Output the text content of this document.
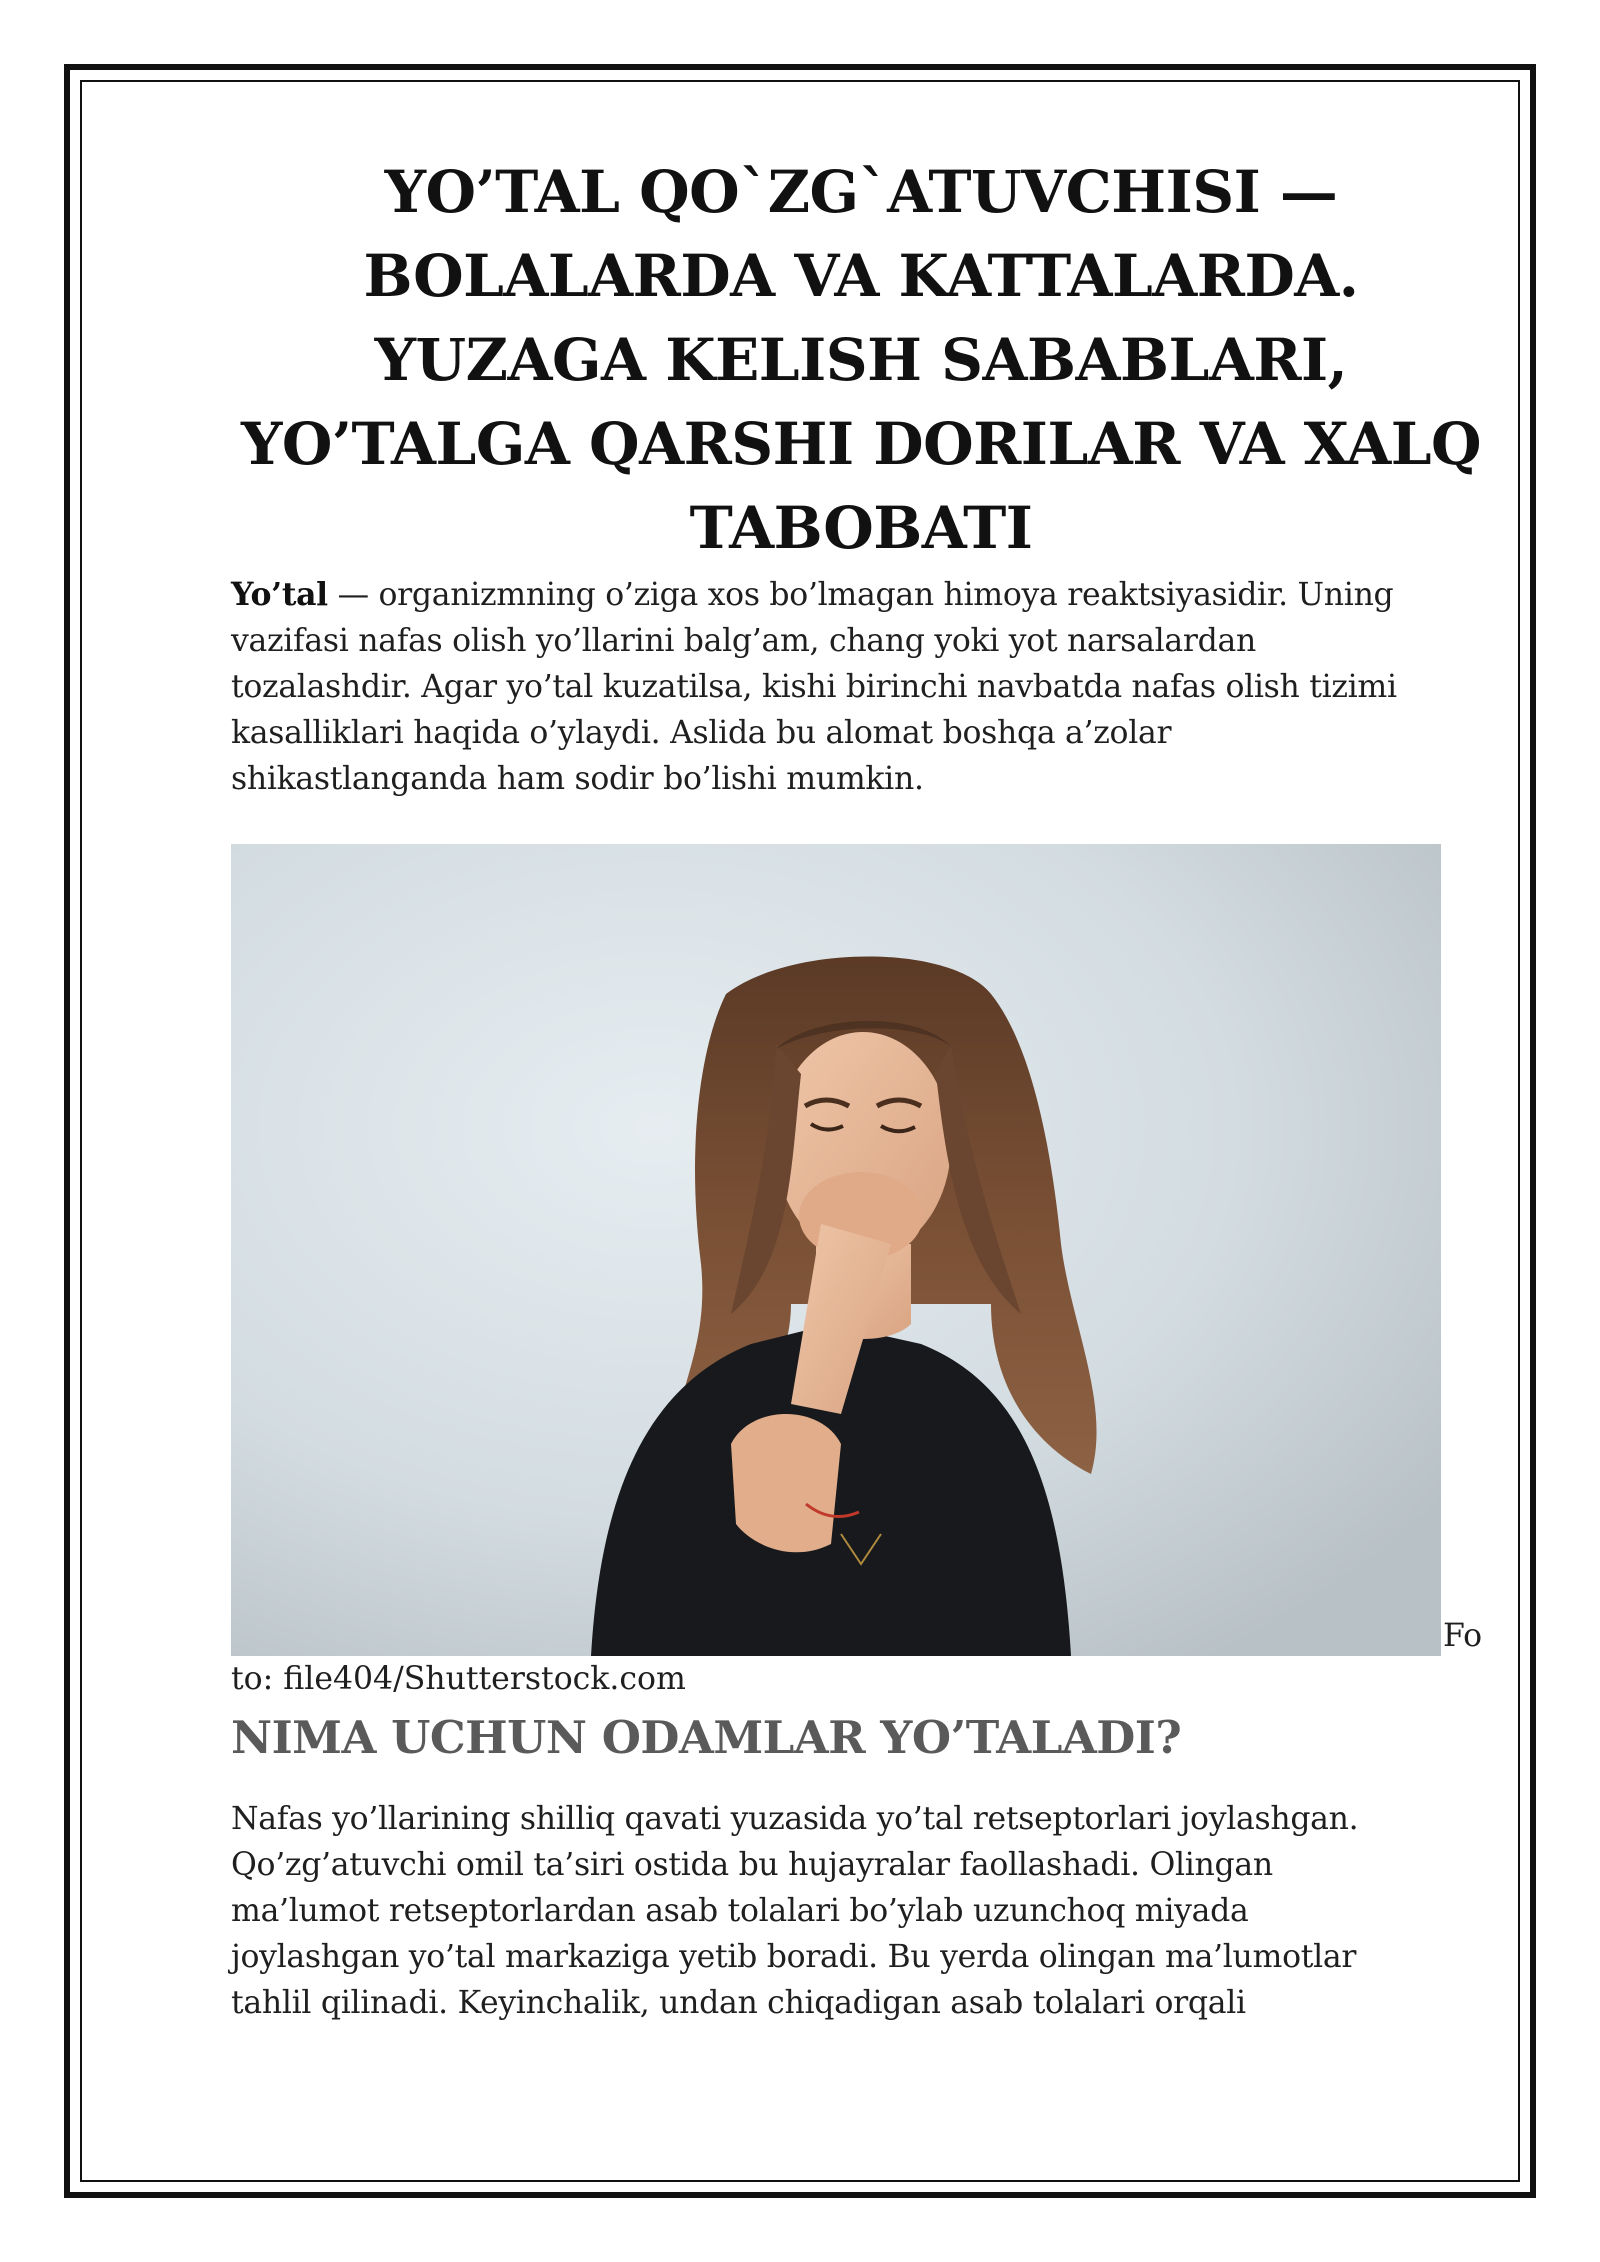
YO’TAL QO`ZG`ATUVCHISI —
BOLALARDA VA KATTALARDA.
YUZAGA KELISH SABABLARI,
YO’TALGA QARSHI DORILAR VA XALQ
TABOBATI

Yo’tal — organizmning o’ziga xos bo’lmagan himoya reaktsiyasidir. Uning
vazifasi nafas olish yo’llarini balg’am, chang yoki yot narsalardan
tozalashdir. Agar yo’tal kuzatilsa, kishi birinchi navbatda nafas olish tizimi
kasalliklari haqida o’ylaydi. Aslida bu alomat boshqa a’zolar
shikastlanganda ham sodir bo’lishi mumkin.

Fo

to: file404/Shutterstock.com

NIMA UCHUN ODAMLAR YO’TALADI?

Nafas yo’llarining shilliq qavati yuzasida yo’tal retseptorlari joylashgan.
Qo’zg’atuvchi omil ta’siri ostida bu hujayralar faollashadi. Olingan
ma’lumot retseptorlardan asab tolalari bo’ylab uzunchoq miyada
joylashgan yo’tal markaziga yetib boradi. Bu yerda olingan ma’lumotlar
tahlil qilinadi. Keyinchalik, undan chiqadigan asab tolalari orqali
